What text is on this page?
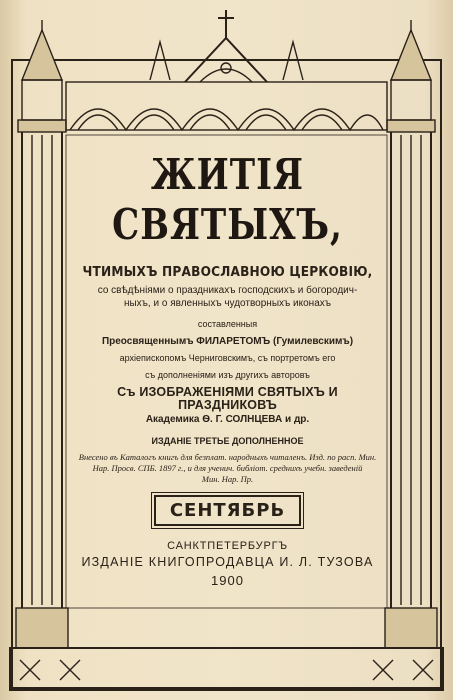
ЖИТІЯ СВЯТЫХЪ,
ЧТИМЫХЪ ПРАВОСЛАВНОЮ ЦЕРКОВІЮ,
со свѣдѣніями о праздникахъ господскихъ и богородич-
ныхъ, и о явленныхъ чудотворныхъ иконахъ
составленныя
Преосвященнымъ ФИЛАРЕТОМЪ (Гумилевскимъ)
архіепископомъ Черниговскимъ, съ портретомъ его
съ дополненіями изъ другихъ авторовъ
Съ ИЗОБРАЖЕНІЯМИ СВЯТЫХЪ И ПРАЗДНИКОВЪ
Академика Ѳ. Г. СОЛНЦЕВА и др.
ИЗДАНІЕ ТРЕТЬЕ ДОПОЛНЕННОЕ
Внесено въ Каталогъ книгъ для безплат. народныхъ читаленъ. Изд. по расп. Мин.
Нар. Просв. СПБ. 1897 г., и для ученич. библіот. среднихъ учебн. заведеній
Мин. Нар. Пр.
СЕНТЯБРЬ
САНКТПЕТЕРБУРГЪ
ИЗДАНІЕ КНИГОПРОДАВЦА И. Л. ТУЗОВА
1900
